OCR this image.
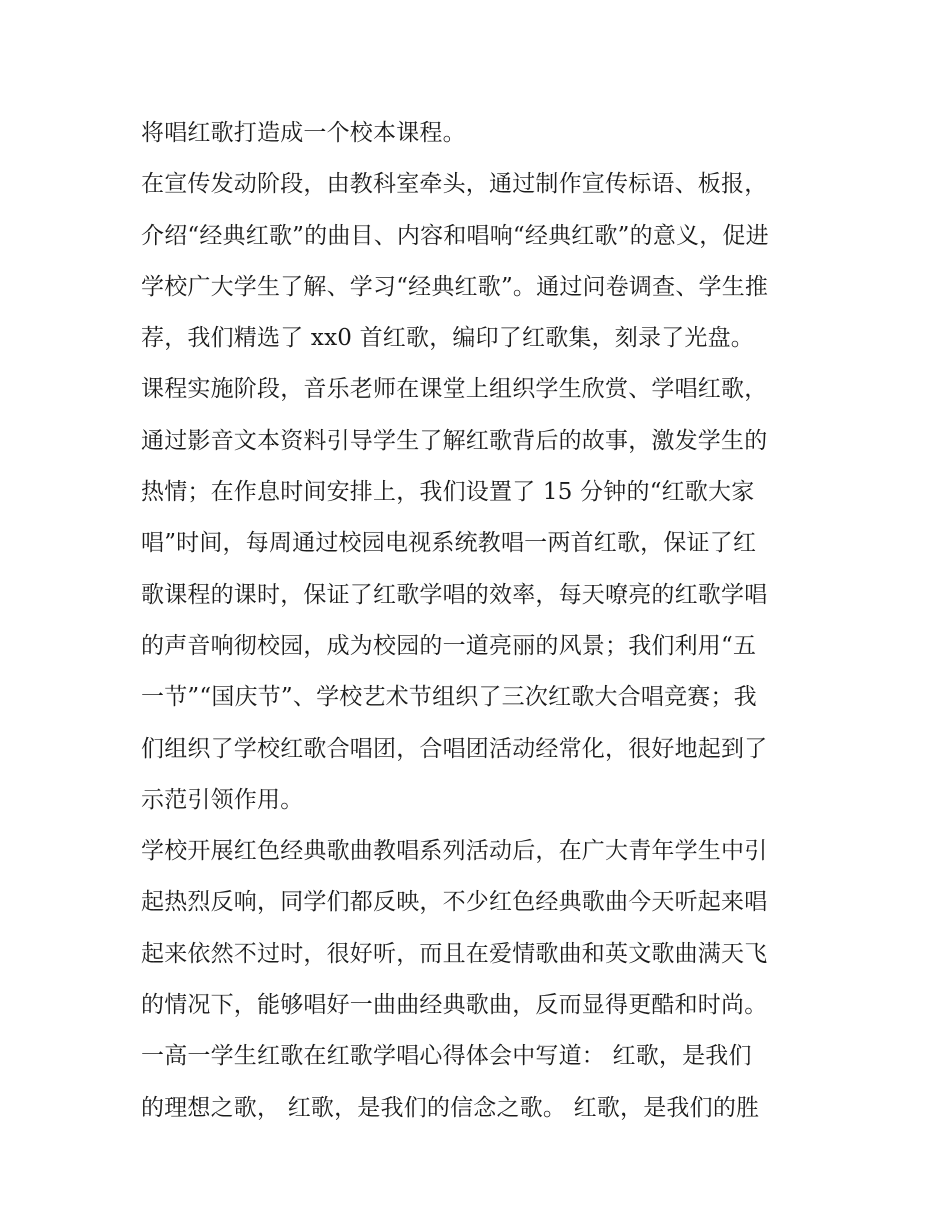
将唱红歌打造成一个校本课程。
在宣传发动阶段，由教科室牵头，通过制作宣传标语、板报，
介绍“经典红歌”的曲目、内容和唱响“经典红歌”的意义，促进
学校广大学生了解、学习“经典红歌”。通过问卷调查、学生推
荐，我们精选了 xx0 首红歌，编印了红歌集，刻录了光盘。
课程实施阶段，音乐老师在课堂上组织学生欣赏、学唱红歌，
通过影音文本资料引导学生了解红歌背后的故事，激发学生的
热情；在作息时间安排上，我们设置了 15 分钟的“红歌大家
唱”时间，每周通过校园电视系统教唱一两首红歌，保证了红
歌课程的课时，保证了红歌学唱的效率，每天嘹亮的红歌学唱
的声音响彻校园，成为校园的一道亮丽的风景；我们利用“五
一节”“国庆节”、学校艺术节组织了三次红歌大合唱竞赛；我
们组织了学校红歌合唱团，合唱团活动经常化，很好地起到了
示范引领作用。
学校开展红色经典歌曲教唱系列活动后，在广大青年学生中引
起热烈反响，同学们都反映，不少红色经典歌曲今天听起来唱
起来依然不过时，很好听，而且在爱情歌曲和英文歌曲满天飞
的情况下，能够唱好一曲曲经典歌曲，反而显得更酷和时尚。
一高一学生红歌在红歌学唱心得体会中写道： 红歌，是我们
的理想之歌， 红歌，是我们的信念之歌。 红歌，是我们的胜
